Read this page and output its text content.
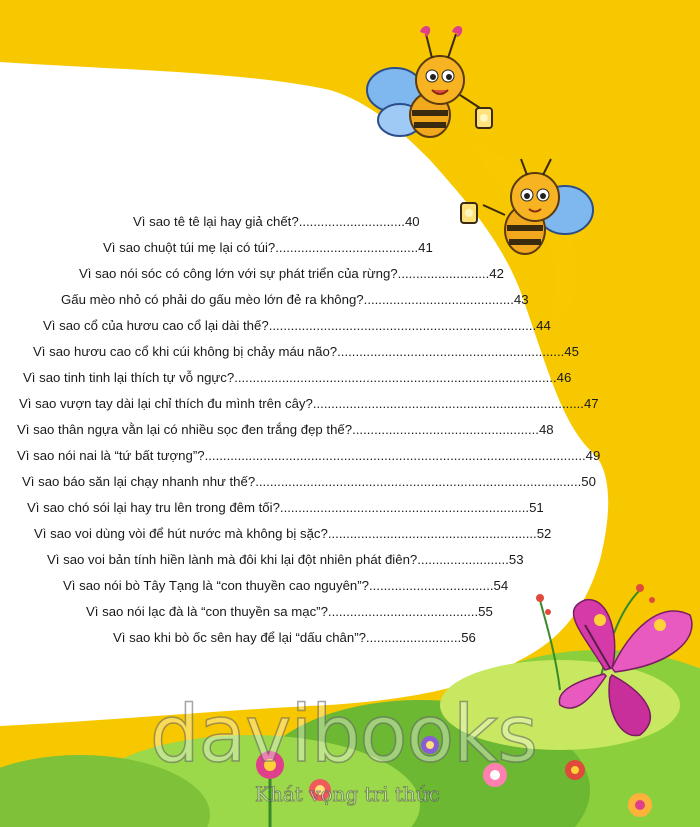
Vì sao tê tê lại hay giả chết?.............................40
Vì sao chuột túi mẹ lại có túi?.......................................41
Vì sao nói sóc có công lớn với sự phát triển của rừng?.........................42
Gấu mèo nhỏ có phải do gấu mèo lớn đẻ ra không?.........................................43
Vì sao cổ của hươu cao cổ lại dài thế?.........................................................................44
Vì sao hươu cao cổ khi cúi không bị chảy máu não?..............................................................45
Vì sao tinh tinh lại thích tự vỗ ngực?........................................................................................46
Vì sao vượn tay dài lại chỉ thích đu mình trên cây?..........................................................................47
Vì sao thân ngựa vằn lại có nhiều sọc đen trắng đẹp thế?...................................................48
Vì sao nói nai là “tứ bất tượng”?........................................................................................................49
Vì sao báo săn lại chạy nhanh như thế?.........................................................................................50
Vì sao chó sói lại hay tru lên trong đêm tối?....................................................................51
Vì sao voi dùng vòi để hút nước mà không bị sặc?.........................................................52
Vì sao voi bản tính hiền lành mà đôi khi lại đột nhiên phát điên?.........................53
Vì sao nói bò Tây Tạng là “con thuyền cao nguyên”?..................................54
Vì sao nói lạc đà là “con thuyền sa mạc”?.........................................55
Vì sao khi bò ốc sên hay để lại “dấu chân”?..........................56
davibooks
Khát vọng tri thức
